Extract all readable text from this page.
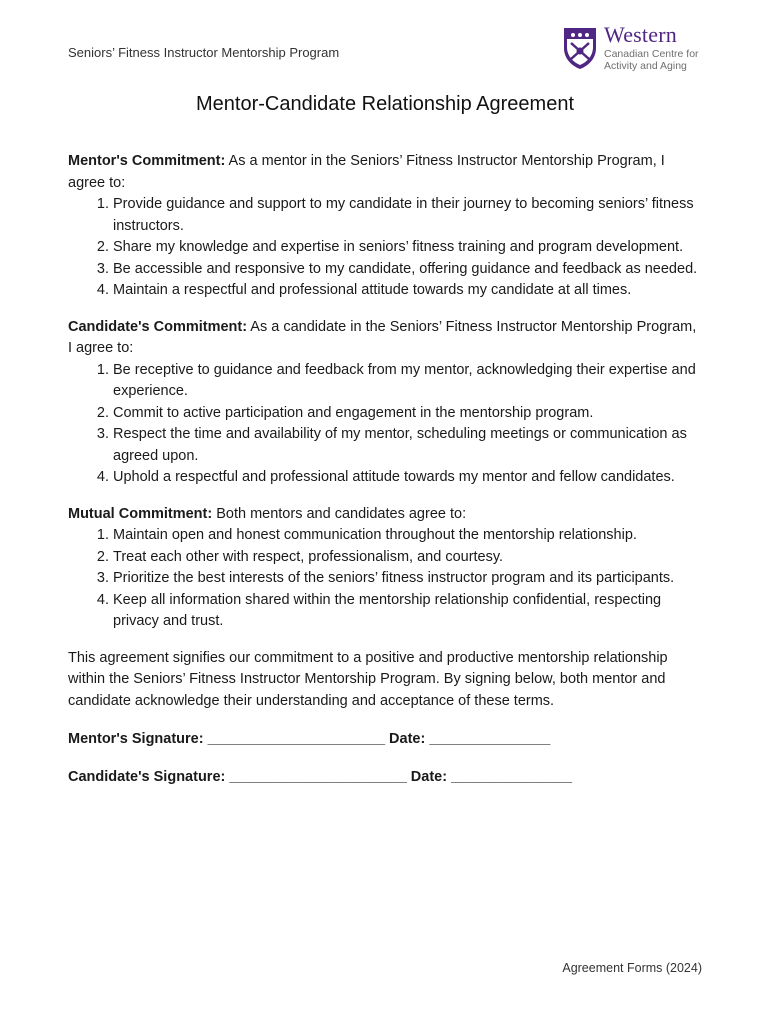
Seniors’ Fitness Instructor Mentorship Program
Western
Canadian Centre for
Activity and Aging
Mentor-Candidate Relationship Agreement

Mentor's Commitment: As a mentor in the Seniors’ Fitness Instructor Mentorship Program, I agree to:

1. Provide guidance and support to my candidate in their journey to becoming seniors’ fitness instructors.
2. Share my knowledge and expertise in seniors’ fitness training and program development.
3. Be accessible and responsive to my candidate, offering guidance and feedback as needed.
4. Maintain a respectful and professional attitude towards my candidate at all times.

Candidate's Commitment: As a candidate in the Seniors’ Fitness Instructor Mentorship Program, I agree to:

1. Be receptive to guidance and feedback from my mentor, acknowledging their expertise and experience.
2. Commit to active participation and engagement in the mentorship program.
3. Respect the time and availability of my mentor, scheduling meetings or communication as agreed upon.
4. Uphold a respectful and professional attitude towards my mentor and fellow candidates.

Mutual Commitment: Both mentors and candidates agree to:

1. Maintain open and honest communication throughout the mentorship relationship.
2. Treat each other with respect, professionalism, and courtesy.
3. Prioritize the best interests of the seniors’ fitness instructor program and its participants.
4. Keep all information shared within the mentorship relationship confidential, respecting privacy and trust.

This agreement signifies our commitment to a positive and productive mentorship relationship within the Seniors’ Fitness Instructor Mentorship Program. By signing below, both mentor and candidate acknowledge their understanding and acceptance of these terms.

Mentor's Signature: ______________________ Date: _______________
Candidate's Signature: ______________________ Date: _______________
Agreement Forms (2024)
